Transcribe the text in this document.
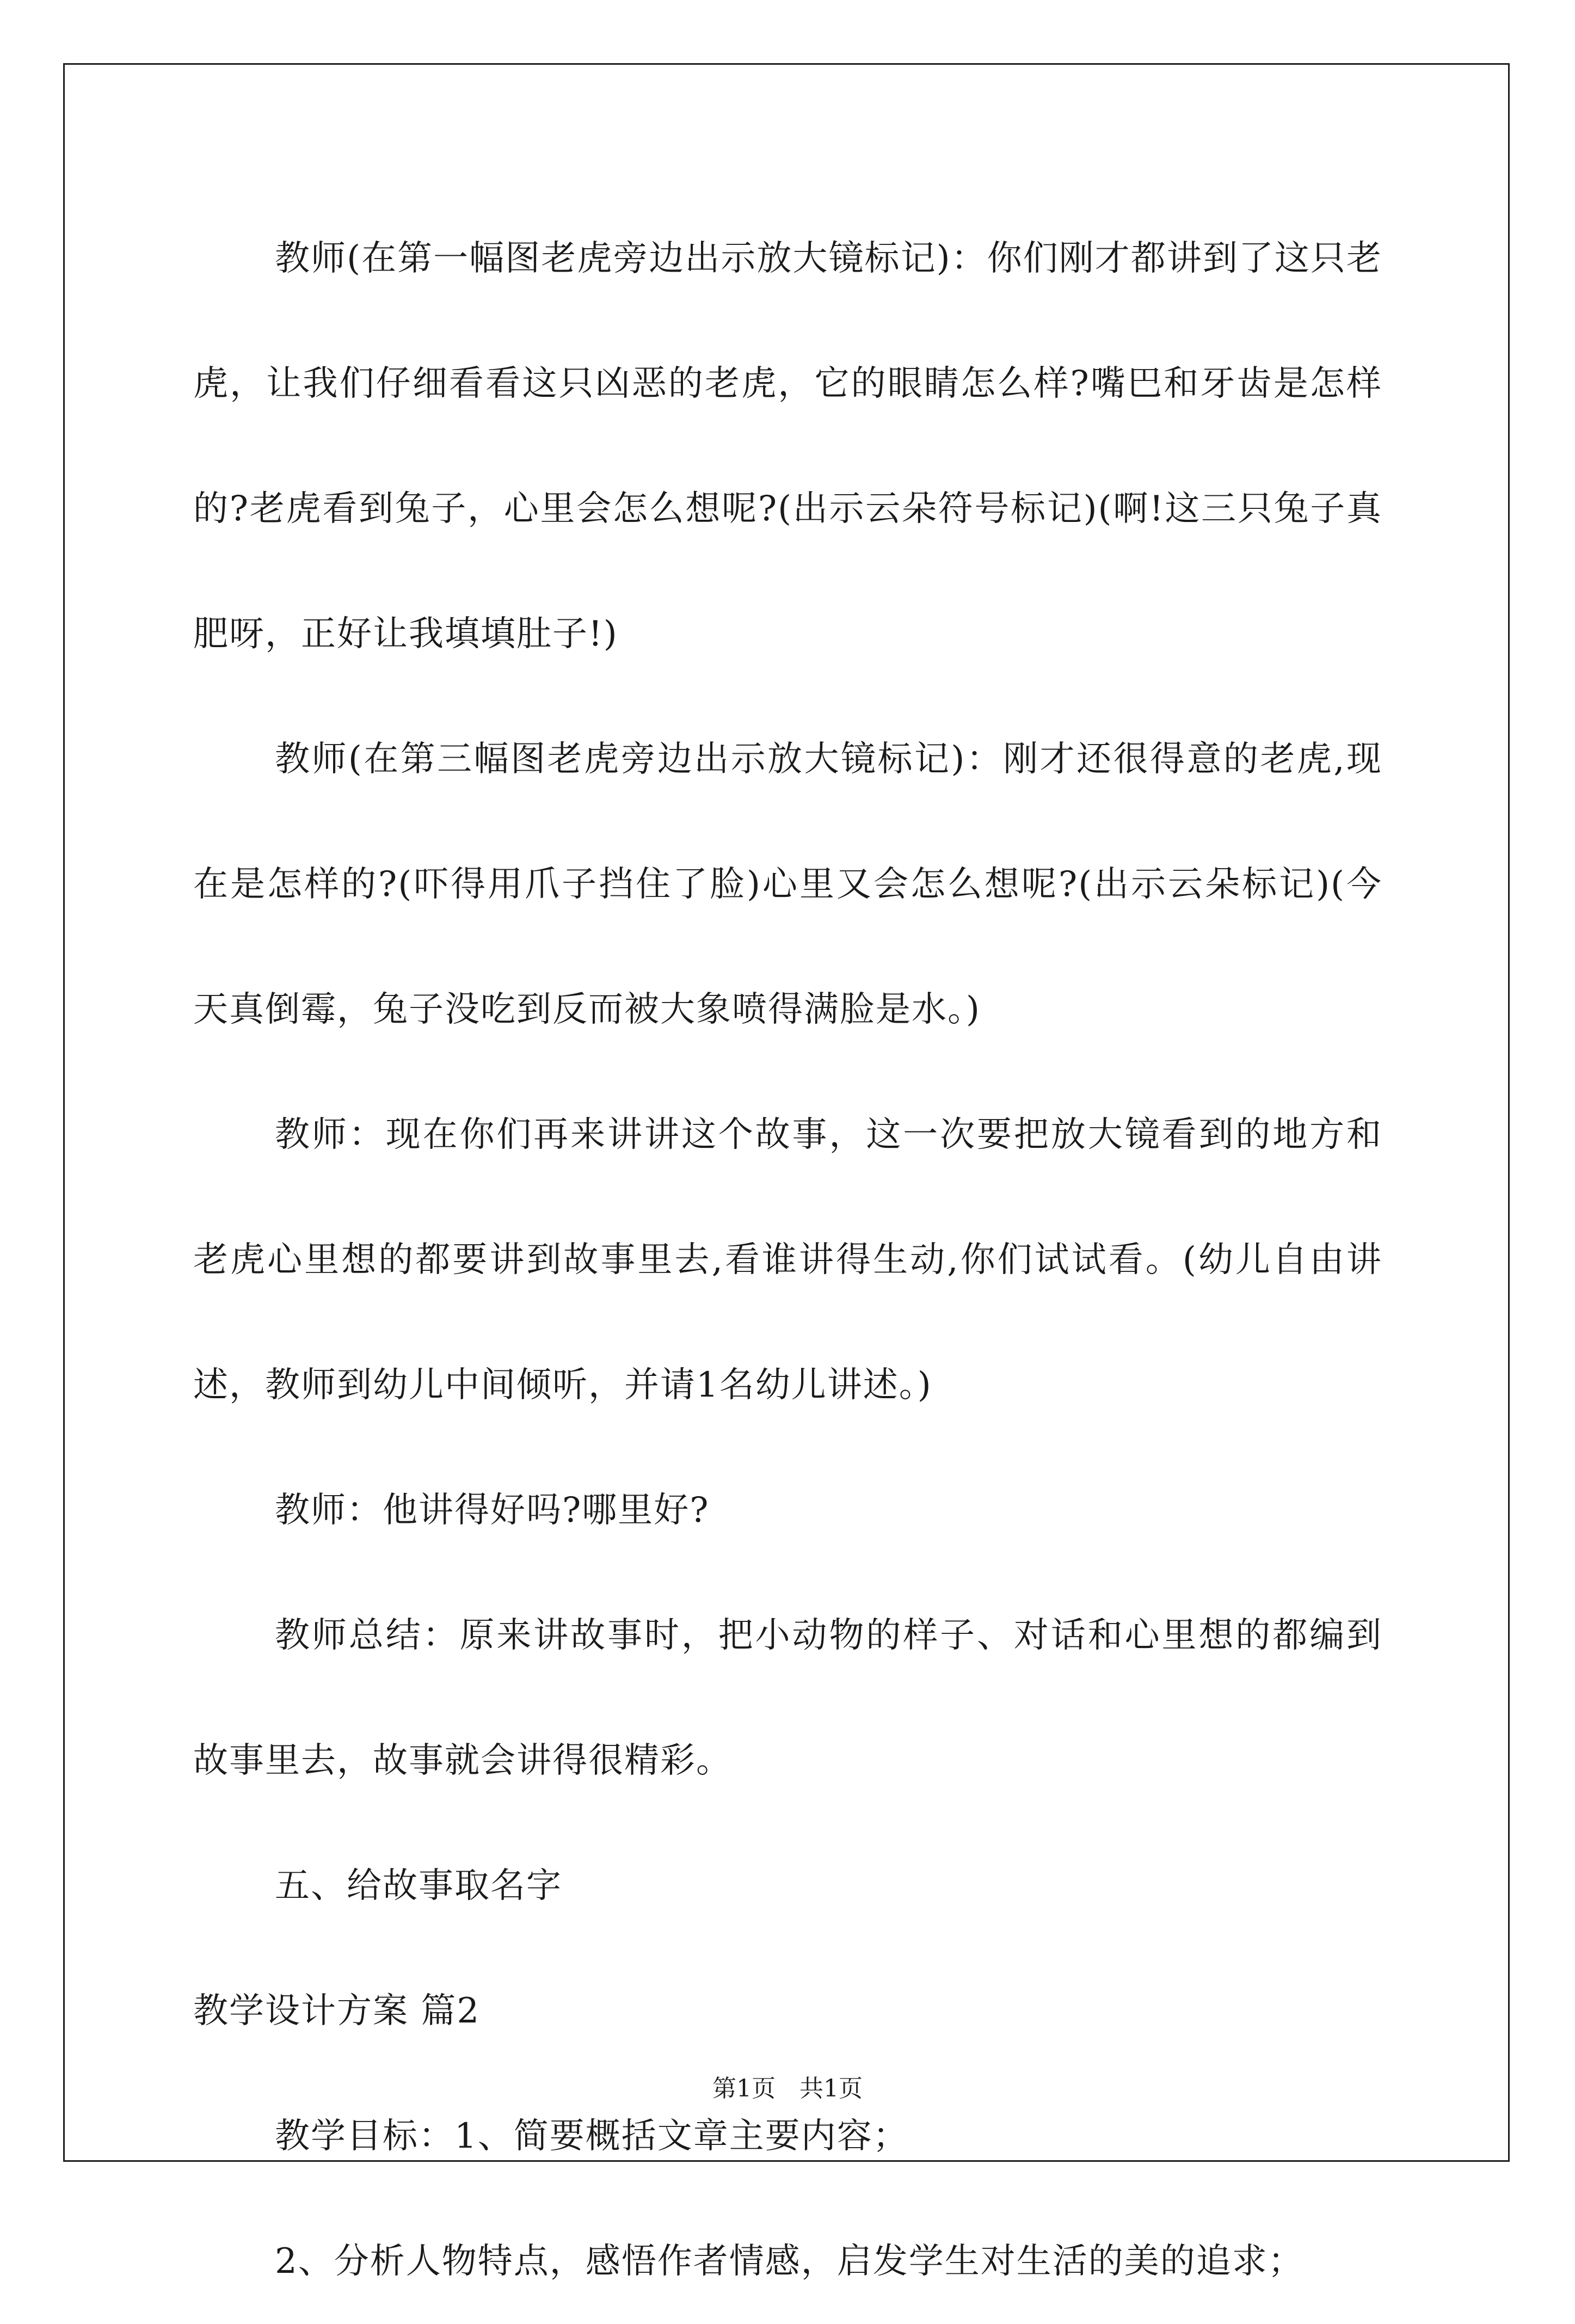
教师(在第一幅图老虎旁边出示放大镜标记)：你们刚才都讲到了这只老虎，让我们仔细看看这只凶恶的老虎，它的眼睛怎么样?嘴巴和牙齿是怎样的?老虎看到兔子，心里会怎么想呢?(出示云朵符号标记)(啊!这三只兔子真肥呀，正好让我填填肚子!)

教师(在第三幅图老虎旁边出示放大镜标记)：刚才还很得意的老虎,现在是怎样的?(吓得用爪子挡住了脸)心里又会怎么想呢?(出示云朵标记)(今天真倒霉，兔子没吃到反而被大象喷得满脸是水。)

教师：现在你们再来讲讲这个故事，这一次要把放大镜看到的地方和老虎心里想的都要讲到故事里去,看谁讲得生动,你们试试看。(幼儿自由讲述，教师到幼儿中间倾听，并请1名幼儿讲述。)

教师：他讲得好吗?哪里好?

教师总结：原来讲故事时，把小动物的样子、对话和心里想的都编到故事里去，故事就会讲得很精彩。

五、给故事取名字

教学设计方案 篇2

教学目标：1、简要概括文章主要内容；

2、分析人物特点，感悟作者情感，启发学生对生活的美的追求；

第1页　共1页
